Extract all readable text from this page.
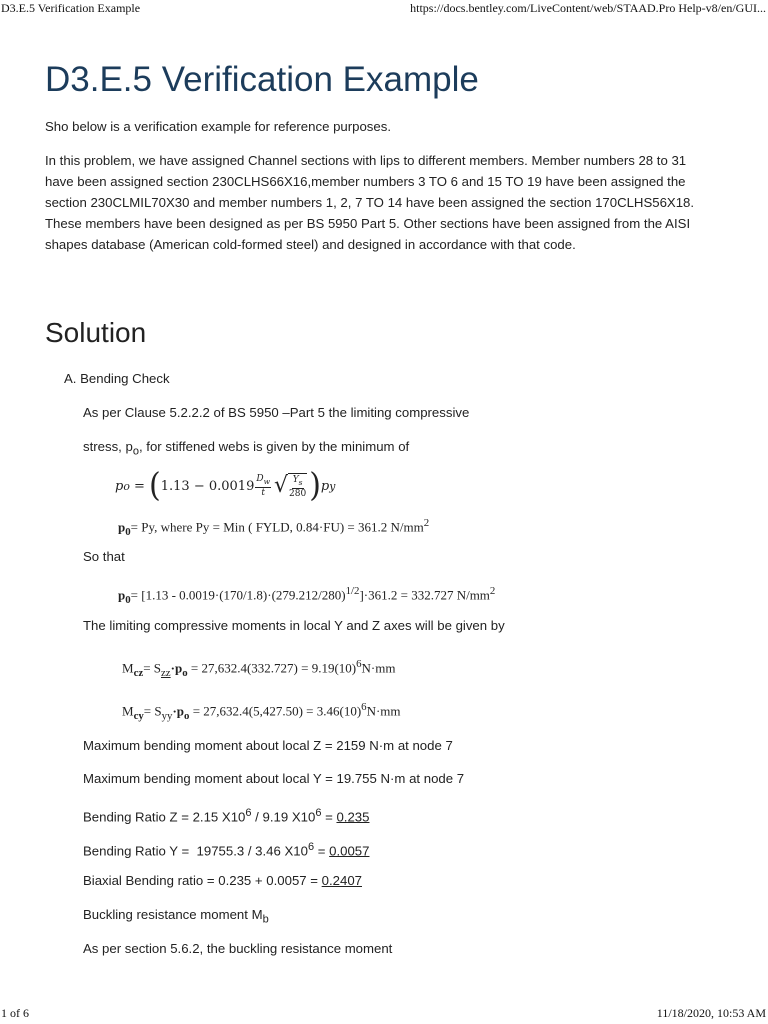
D3.E.5 Verification Example	https://docs.bentley.com/LiveContent/web/STAAD.Pro Help-v8/en/GUI...
D3.E.5 Verification Example

Sho below is a verification example for reference purposes.

In this problem, we have assigned Channel sections with lips to different members. Member numbers 28 to 31 have been assigned section 230CLHS66X16,member numbers 3 TO 6 and 15 TO 19 have been assigned the section 230CLMIL70X30 and member numbers 1, 2, 7 TO 14 have been assigned the section 170CLHS56X18. These members have been designed as per BS 5950 Part 5. Other sections have been assigned from the AISI shapes database (American cold-formed steel) and designed in accordance with that code.

Solution
A. Bending Check
As per Clause 5.2.2.2 of BS 5950 –Part 5 the limiting compressive
stress, $p_o$, for stiffened webs is given by the minimum of
p o = ( $1.13 - 0.0019 \frac{D_w}{t}$ √ $\frac{Y_s}{280}$ ) p y
$p_0= Py$, where Py = Min ( FYLD, 0.84·FU) = 361.2 $N/mm^2$
So that
$p_0= [1.13 - 0.0019\cdot(170/1.8)\cdot(279.212/280)^{1/2}]\cdot 361.2 = 332.727$ $N/mm^2$
The limiting compressive moments in local Y and Z axes will be given by
$M_{cz}= S_{zz}\cdot p_o = 27,632.4(332.727) = 9.19(10)^6N\cdot mm$
$M_{cy}= S_{yy}\cdot p_o = 27,632.4(5,427.50) = 3.46(10)^6N\cdot mm$
Maximum bending moment about local Z = 2159 N·m at node 7
Maximum bending moment about local Y = 19.755 N·m at node 7
Bending Ratio Z = 2.15 $X10^6 / 9.19$ $X10^6 = 0.235$
Bending Ratio Y =  19755.3 / 3.46 $X10^6 = 0.0057$
Biaxial Bending ratio = 0.235 + 0.0057 = 0.2407
Buckling resistance moment $M_b$
As per section 5.6.2, the buckling resistance moment
1 of 6	11/18/2020, 10:53 AM
